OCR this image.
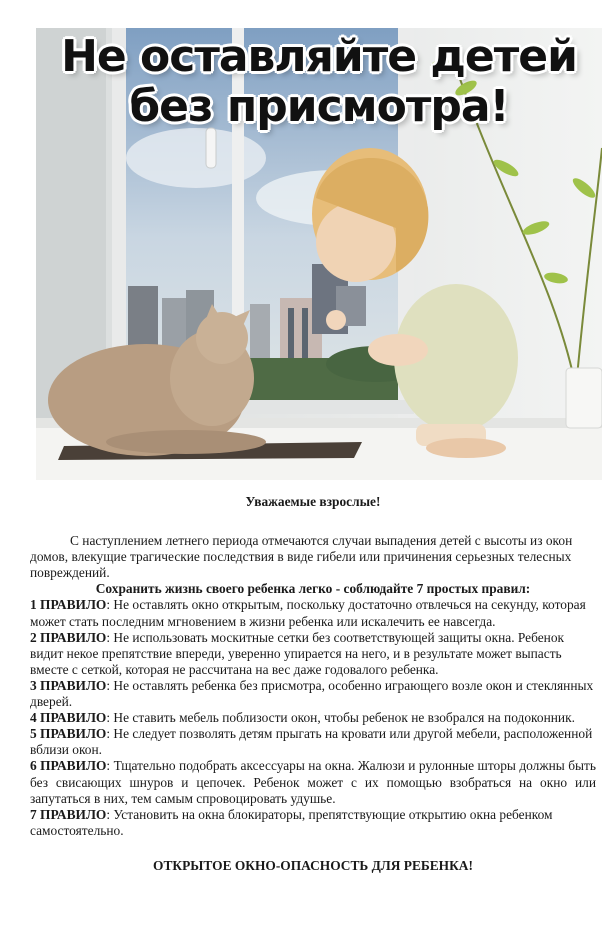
Не оставляйте детей
без присмотра!

Уважаемые взрослые!

С наступлением летнего периода отмечаются случаи выпадения детей с высоты из окон домов, влекущие трагические последствия в виде гибели или причинения серьезных телесных повреждений.

Сохранить жизнь своего ребенка легко - соблюдайте 7 простых правил:

1 ПРАВИЛО: Не оставлять окно открытым, поскольку достаточно отвлечься на секунду, которая может стать последним мгновением в жизни ребенка или искалечить ее навсегда.

2 ПРАВИЛО: Не использовать москитные сетки без соответствующей защиты окна. Ребенок видит некое препятствие впереди, уверенно упирается на него, и в результате может выпасть вместе с сеткой, которая не рассчитана на вес даже годовалого ребенка.

3 ПРАВИЛО: Не оставлять ребенка без присмотра, особенно играющего возле окон и стеклянных дверей.

4 ПРАВИЛО: Не ставить мебель поблизости окон, чтобы ребенок не взобрался на подоконник.

5 ПРАВИЛО: Не следует позволять детям прыгать на кровати или другой мебели, расположенной вблизи окон.

6 ПРАВИЛО: Тщательно подобрать аксессуары на окна. Жалюзи и рулонные шторы должны быть без свисающих шнуров и цепочек. Ребенок может с их помощью взобраться на окно или запутаться в них, тем самым спровоцировать удушье.

7 ПРАВИЛО: Установить на окна блокираторы, препятствующие открытию окна ребенком самостоятельно.

ОТКРЫТОЕ ОКНО-ОПАСНОСТЬ ДЛЯ РЕБЕНКА!
